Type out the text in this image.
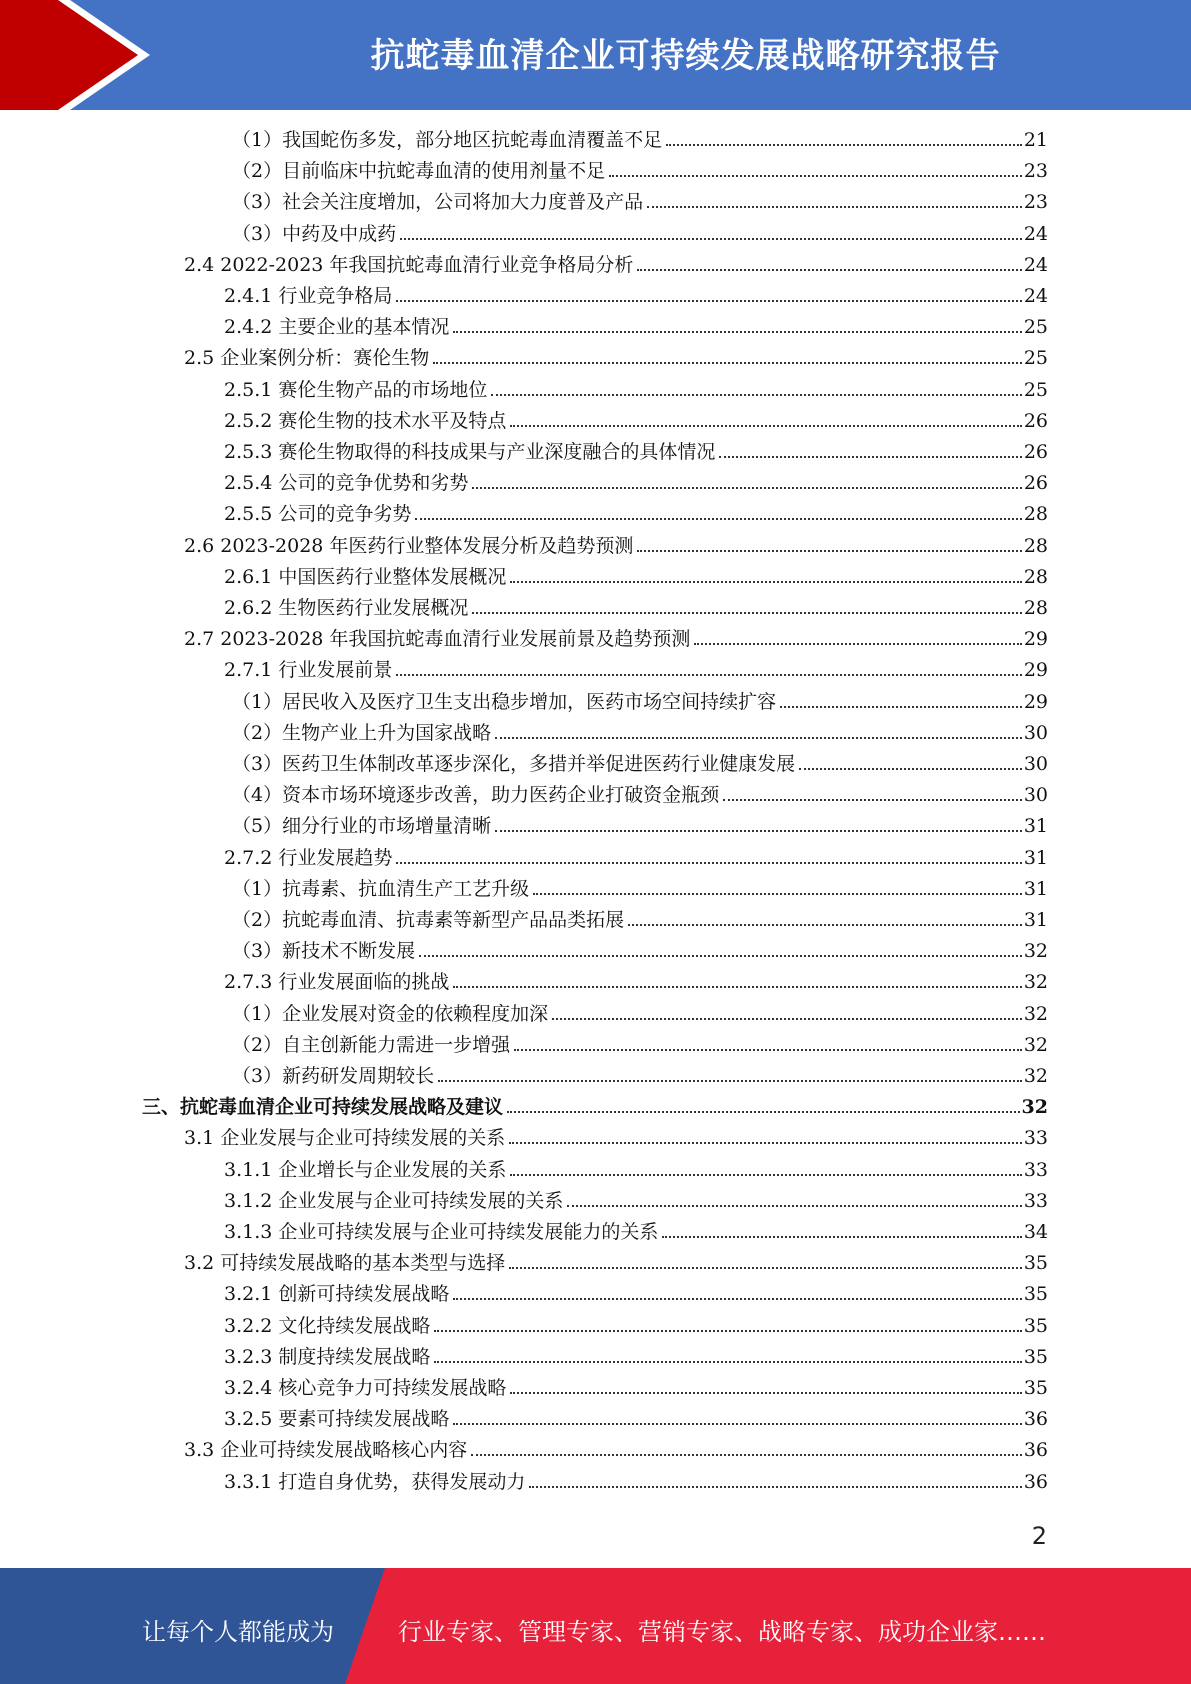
抗蛇毒血清企业可持续发展战略研究报告
（1）我国蛇伤多发，部分地区抗蛇毒血清覆盖不足	21
（2）目前临床中抗蛇毒血清的使用剂量不足	23
（3）社会关注度增加，公司将加大力度普及产品	23
（3）中药及中成药	24
2.4 2022-2023 年我国抗蛇毒血清行业竞争格局分析	24
2.4.1 行业竞争格局	24
2.4.2 主要企业的基本情况	25
2.5 企业案例分析：赛伦生物	25
2.5.1 赛伦生物产品的市场地位	25
2.5.2 赛伦生物的技术水平及特点	26
2.5.3 赛伦生物取得的科技成果与产业深度融合的具体情况	26
2.5.4 公司的竞争优势和劣势	26
2.5.5 公司的竞争劣势	28
2.6 2023-2028 年医药行业整体发展分析及趋势预测	28
2.6.1 中国医药行业整体发展概况	28
2.6.2 生物医药行业发展概况	28
2.7 2023-2028 年我国抗蛇毒血清行业发展前景及趋势预测	29
2.7.1 行业发展前景	29
（1）居民收入及医疗卫生支出稳步增加，医药市场空间持续扩容	29
（2）生物产业上升为国家战略	30
（3）医药卫生体制改革逐步深化，多措并举促进医药行业健康发展	30
（4）资本市场环境逐步改善，助力医药企业打破资金瓶颈	30
（5）细分行业的市场增量清晰	31
2.7.2 行业发展趋势	31
（1）抗毒素、抗血清生产工艺升级	31
（2）抗蛇毒血清、抗毒素等新型产品品类拓展	31
（3）新技术不断发展	32
2.7.3 行业发展面临的挑战	32
（1）企业发展对资金的依赖程度加深	32
（2）自主创新能力需进一步增强	32
（3）新药研发周期较长	32
三、抗蛇毒血清企业可持续发展战略及建议	32
3.1 企业发展与企业可持续发展的关系	33
3.1.1 企业增长与企业发展的关系	33
3.1.2 企业发展与企业可持续发展的关系	33
3.1.3 企业可持续发展与企业可持续发展能力的关系	34
3.2 可持续发展战略的基本类型与选择	35
3.2.1 创新可持续发展战略	35
3.2.2 文化持续发展战略	35
3.2.3 制度持续发展战略	35
3.2.4 核心竞争力可持续发展战略	35
3.2.5 要素可持续发展战略	36
3.3 企业可持续发展战略核心内容	36
3.3.1 打造自身优势，获得发展动力	36
2
让每个人都能成为	行业专家、管理专家、营销专家、战略专家、成功企业家……
